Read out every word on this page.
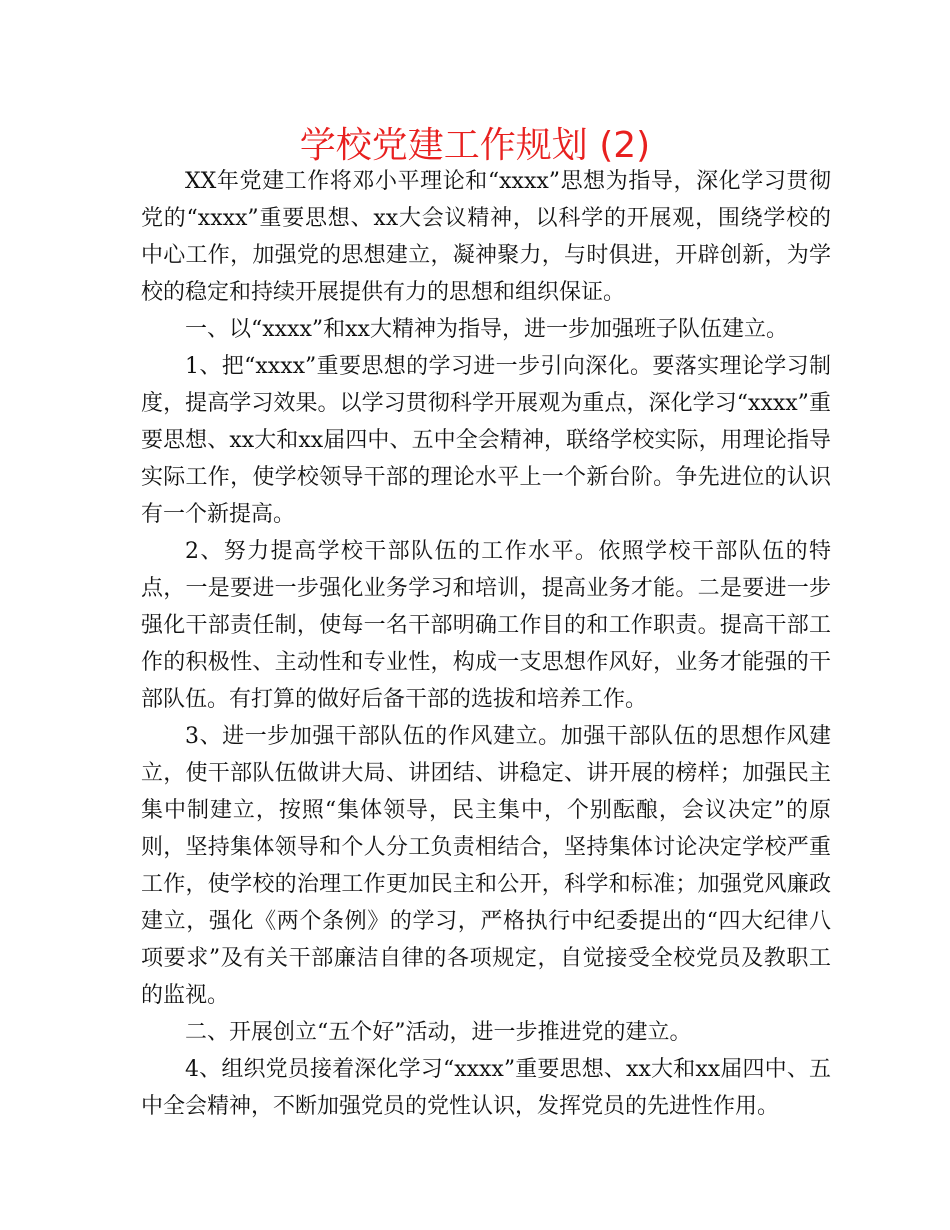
学校党建工作规划 (2)

XX年党建工作将邓小平理论和“xxxx”思想为指导，深化学习贯彻党的“xxxx”重要思想、xx大会议精神，以科学的开展观，围绕学校的中心工作，加强党的思想建立，凝神聚力，与时俱进，开辟创新，为学校的稳定和持续开展提供有力的思想和组织保证。

一、以“xxxx”和xx大精神为指导，进一步加强班子队伍建立。

1、把“xxxx”重要思想的学习进一步引向深化。要落实理论学习制度，提高学习效果。以学习贯彻科学开展观为重点，深化学习“xxxx”重要思想、xx大和xx届四中、五中全会精神，联络学校实际，用理论指导实际工作，使学校领导干部的理论水平上一个新台阶。争先进位的认识有一个新提高。

2、努力提高学校干部队伍的工作水平。依照学校干部队伍的特点，一是要进一步强化业务学习和培训，提高业务才能。二是要进一步强化干部责任制，使每一名干部明确工作目的和工作职责。提高干部工作的积极性、主动性和专业性，构成一支思想作风好，业务才能强的干部队伍。有打算的做好后备干部的选拔和培养工作。

3、进一步加强干部队伍的作风建立。加强干部队伍的思想作风建立，使干部队伍做讲大局、讲团结、讲稳定、讲开展的榜样；加强民主集中制建立，按照“集体领导，民主集中，个别酝酿，会议决定”的原则，坚持集体领导和个人分工负责相结合，坚持集体讨论决定学校严重工作，使学校的治理工作更加民主和公开，科学和标准；加强党风廉政建立，强化《两个条例》的学习，严格执行中纪委提出的“四大纪律八项要求”及有关干部廉洁自律的各项规定，自觉接受全校党员及教职工的监视。

二、开展创立“五个好”活动，进一步推进党的建立。

4、组织党员接着深化学习“xxxx”重要思想、xx大和xx届四中、五中全会精神，不断加强党员的党性认识，发挥党员的先进性作用。
